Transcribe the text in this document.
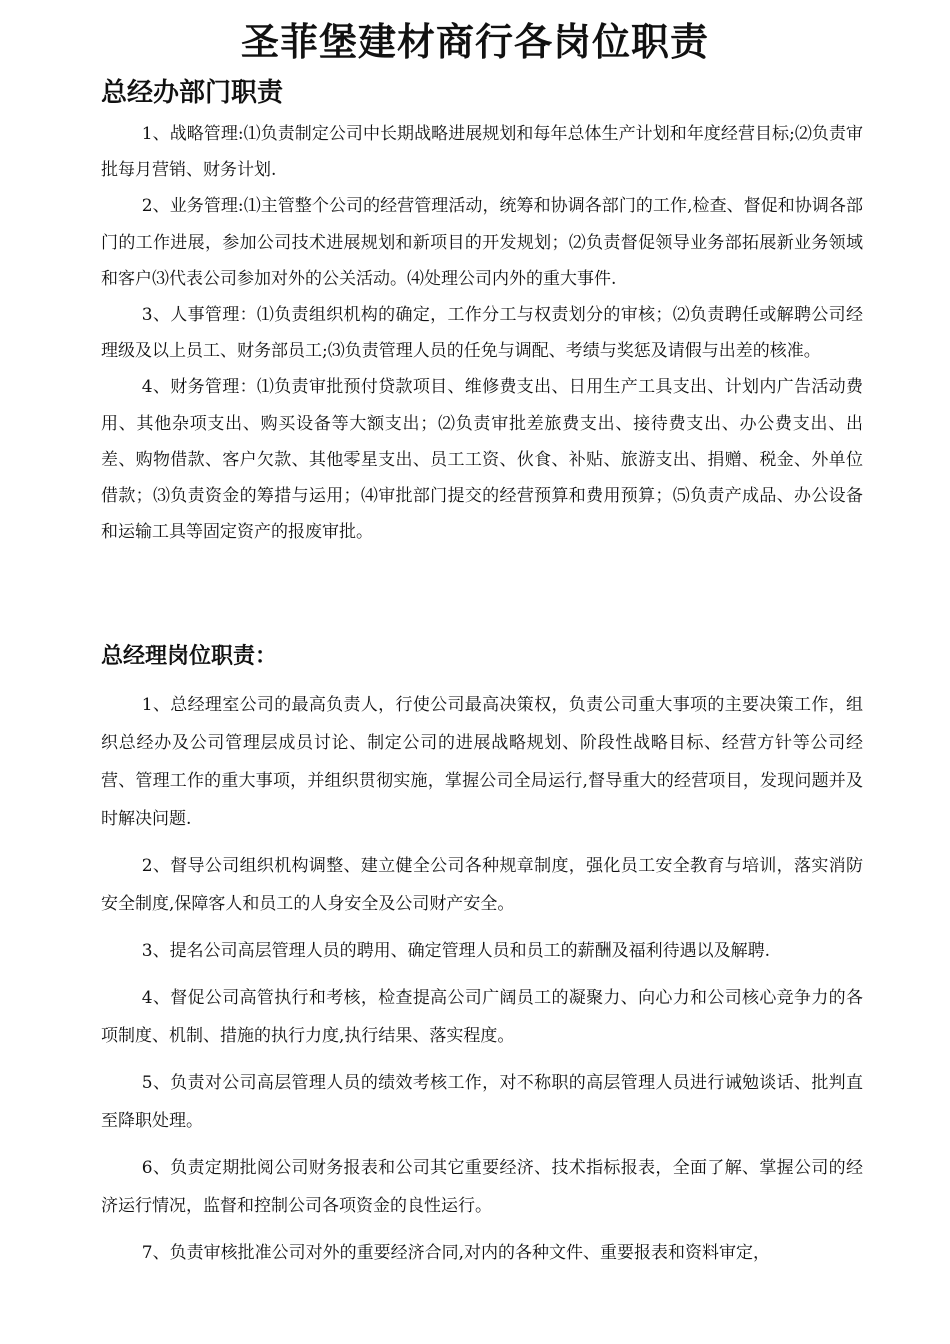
圣菲堡建材商行各岗位职责
总经办部门职责

1、战略管理:⑴负责制定公司中长期战略进展规划和每年总体生产计划和年度经营目标;⑵负责审批每月营销、财务计划.

2、业务管理:⑴主管整个公司的经营管理活动，统筹和协调各部门的工作,检查、督促和协调各部门的工作进展，参加公司技术进展规划和新项目的开发规划；⑵负责督促领导业务部拓展新业务领域和客户⑶代表公司参加对外的公关活动。⑷处理公司内外的重大事件.

3、人事管理：⑴负责组织机构的确定，工作分工与权责划分的审核；⑵负责聘任或解聘公司经理级及以上员工、财务部员工;⑶负责管理人员的任免与调配、考绩与奖惩及请假与出差的核准。

4、财务管理：⑴负责审批预付贷款项目、维修费支出、日用生产工具支出、计划内广告活动费用、其他杂项支出、购买设备等大额支出；⑵负责审批差旅费支出、接待费支出、办公费支出、出差、购物借款、客户欠款、其他零星支出、员工工资、伙食、补贴、旅游支出、捐赠、税金、外单位借款；⑶负责资金的筹措与运用；⑷审批部门提交的经营预算和费用预算；⑸负责产成品、办公设备和运输工具等固定资产的报废审批。

总经理岗位职责：

1、总经理室公司的最高负责人，行使公司最高决策权，负责公司重大事项的主要决策工作，组织总经办及公司管理层成员讨论、制定公司的进展战略规划、阶段性战略目标、经营方针等公司经营、管理工作的重大事项，并组织贯彻实施，掌握公司全局运行,督导重大的经营项目，发现问题并及时解决问题.

2、督导公司组织机构调整、建立健全公司各种规章制度，强化员工安全教育与培训，落实消防安全制度,保障客人和员工的人身安全及公司财产安全。

3、提名公司高层管理人员的聘用、确定管理人员和员工的薪酬及福利待遇以及解聘.

4、督促公司高管执行和考核，检查提高公司广阔员工的凝聚力、向心力和公司核心竞争力的各项制度、机制、措施的执行力度,执行结果、落实程度。

5、负责对公司高层管理人员的绩效考核工作，对不称职的高层管理人员进行诫勉谈话、批判直至降职处理。

6、负责定期批阅公司财务报表和公司其它重要经济、技术指标报表，全面了解、掌握公司的经济运行情况，监督和控制公司各项资金的良性运行。

7、负责审核批准公司对外的重要经济合同,对内的各种文件、重要报表和资料审定，
